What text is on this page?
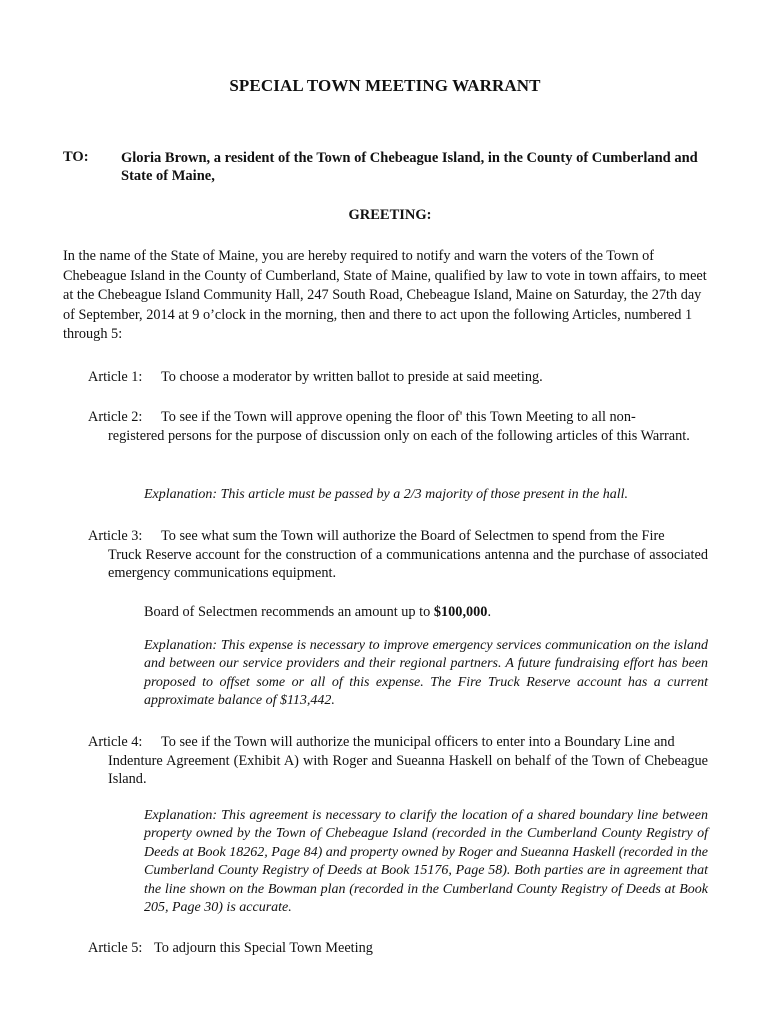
SPECIAL TOWN MEETING WARRANT
TO: Gloria Brown, a resident of the Town of Chebeague Island, in the County of Cumberland and State of Maine,
GREETING:
In the name of the State of Maine, you are hereby required to notify and warn the voters of the Town of Chebeague Island in the County of Cumberland, State of Maine, qualified by law to vote in town affairs, to meet at the Chebeague Island Community Hall, 247 South Road, Chebeague Island, Maine on Saturday, the 27th day of September, 2014 at 9 o’clock in the morning, then and there to act upon the following Articles, numbered 1 through 5:
Article 1: To choose a moderator by written ballot to preside at said meeting.
Article 2: To see if the Town will approve opening the floor of' this Town Meeting to all non-
registered persons for the purpose of discussion only on each of the following articles of this Warrant.
Explanation: This article must be passed by a 2/3 majority of those present in the hall.
Article 3: To see what sum the Town will authorize the Board of Selectmen to spend from the Fire
Truck Reserve account for the construction of a communications antenna and the purchase of associated emergency communications equipment.
Board of Selectmen recommends an amount up to $100,000.
Explanation: This expense is necessary to improve emergency services communication on the island and between our service providers and their regional partners. A future fundraising effort has been proposed to offset some or all of this expense. The Fire Truck Reserve account has a current approximate balance of $113,442.
Article 4: To see if the Town will authorize the municipal officers to enter into a Boundary Line and
Indenture Agreement (Exhibit A) with Roger and Sueanna Haskell on behalf of the Town of Chebeague Island.
Explanation: This agreement is necessary to clarify the location of a shared boundary line between property owned by the Town of Chebeague Island (recorded in the Cumberland County Registry of Deeds at Book 18262, Page 84) and property owned by Roger and Sueanna Haskell (recorded in the Cumberland County Registry of Deeds at Book 15176, Page 58). Both parties are in agreement that the line shown on the Bowman plan (recorded in the Cumberland County Registry of Deeds at Book 205, Page 30) is accurate.
Article 5: To adjourn this Special Town Meeting
